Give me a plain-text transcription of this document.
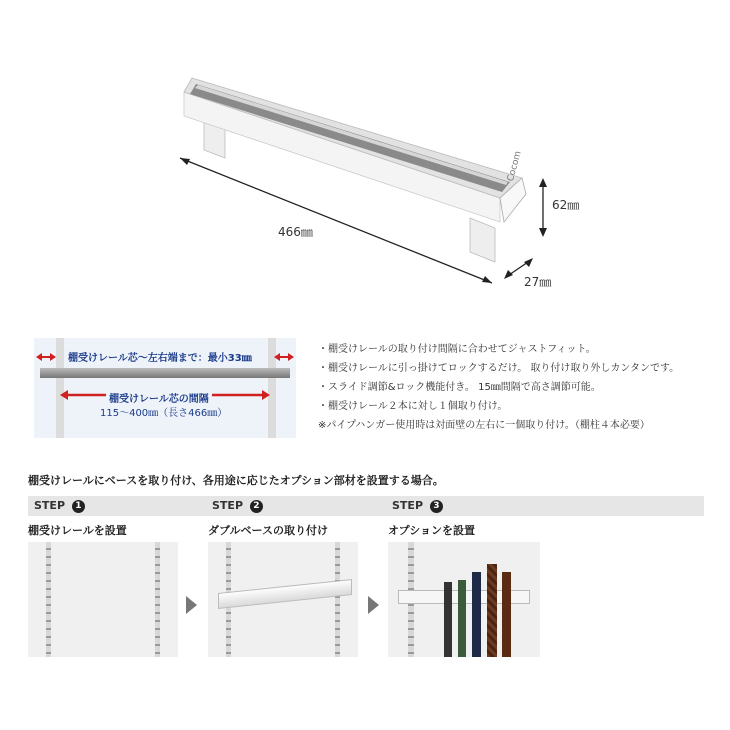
Cocom
466㎜
62㎜
27㎜
棚受けレール芯〜左右端まで：最小33㎜
棚受けレール芯の間隔
115〜400㎜（長さ466㎜）
・棚受けレールの取り付け間隔に合わせてジャストフィット。
・棚受けレールに引っ掛けてロックするだけ。 取り付け取り外しカンタンです。
・スライド調節&ロック機能付き。 15㎜間隔で高さ調節可能。
・棚受けレール２本に対し１個取り付け。
※パイプハンガー使用時は対面壁の左右に一個取り付け。（棚柱４本必要）
棚受けレールにベースを取り付け、各用途に応じたオプション部材を設置する場合。
STEP 1	STEP 2	STEP 3
棚受けレールを設置	ダブルベースの取り付け	オプションを設置
